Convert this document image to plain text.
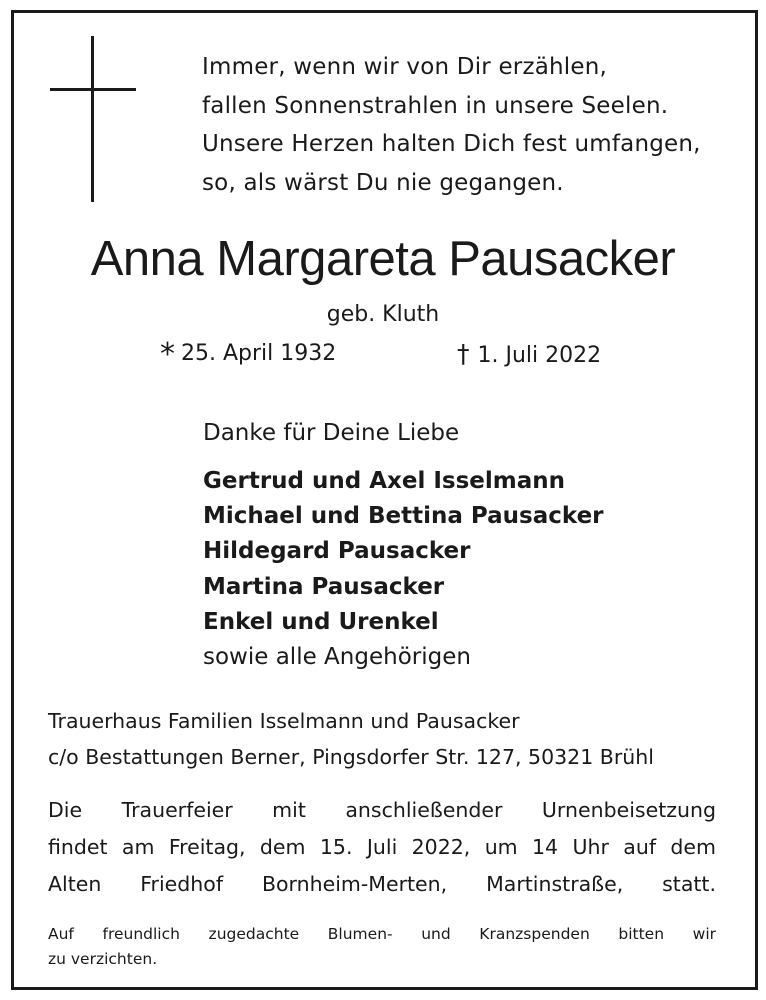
Immer, wenn wir von Dir erzählen,
fallen Sonnenstrahlen in unsere Seelen.
Unsere Herzen halten Dich fest umfangen,
so, als wärst Du nie gegangen.
Anna Margareta Pausacker
geb. Kluth
* 25. April 1932	† 1. Juli 2022
Danke für Deine Liebe
Gertrud und Axel Isselmann
Michael und Bettina Pausacker
Hildegard Pausacker
Martina Pausacker
Enkel und Urenkel
sowie alle Angehörigen
Trauerhaus Familien Isselmann und Pausacker
c/o Bestattungen Berner, Pingsdorfer Str. 127, 50321 Brühl
Die Trauerfeier mit anschließender Urnenbeisetzung
findet am Freitag, dem 15. Juli 2022, um 14 Uhr auf dem
Alten Friedhof Bornheim-Merten, Martinstraße, statt.
Auf freundlich zugedachte Blumen- und Kranzspenden bitten wir
zu verzichten.
